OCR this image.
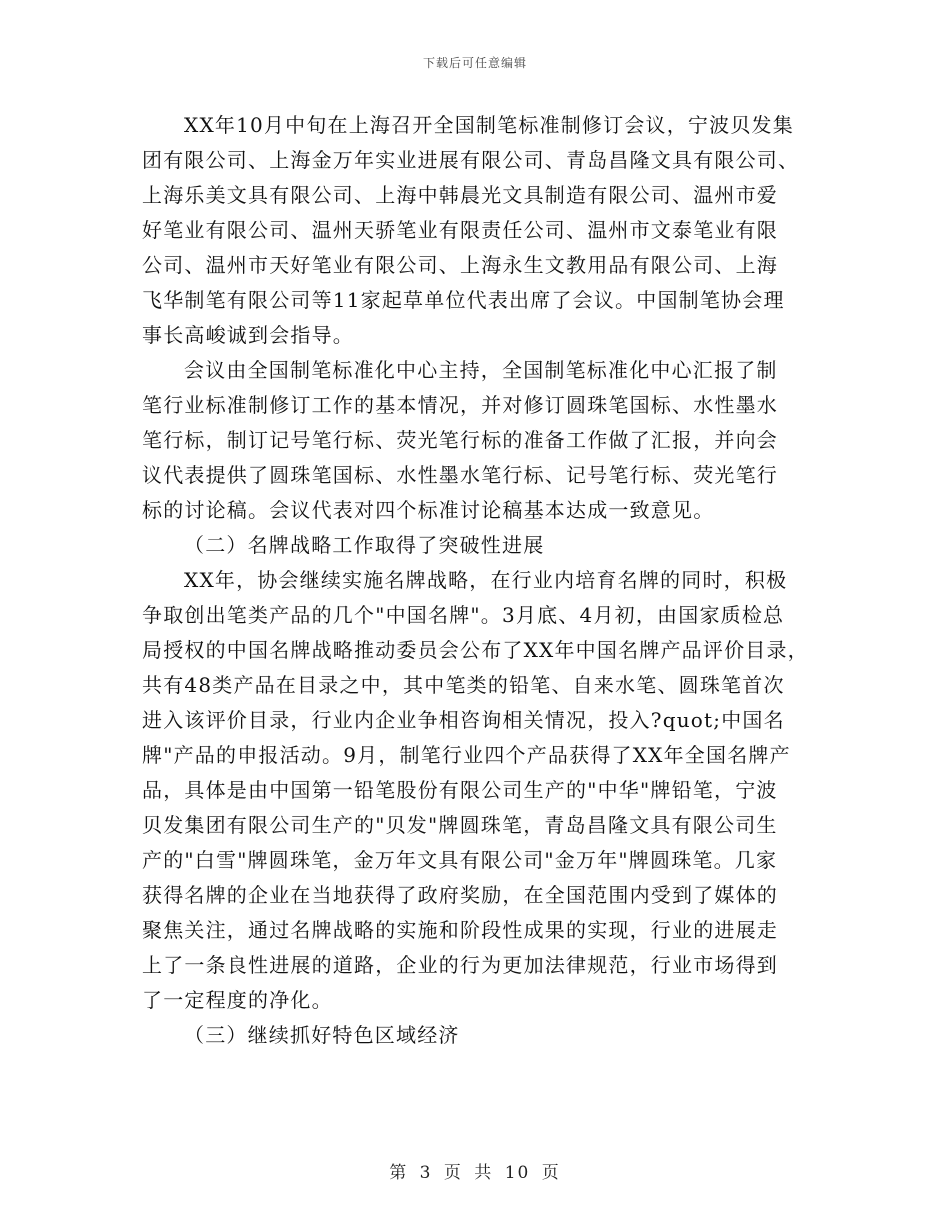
下载后可任意编辑
XX年10月中旬在上海召开全国制笔标准制修订会议，宁波贝发集
团有限公司、上海金万年实业进展有限公司、青岛昌隆文具有限公司、
上海乐美文具有限公司、上海中韩晨光文具制造有限公司、温州市爱
好笔业有限公司、温州天骄笔业有限责任公司、温州市文泰笔业有限
公司、温州市天好笔业有限公司、上海永生文教用品有限公司、上海
飞华制笔有限公司等11家起草单位代表出席了会议。中国制笔协会理
事长高峻诚到会指导。
会议由全国制笔标准化中心主持，全国制笔标准化中心汇报了制
笔行业标准制修订工作的基本情况，并对修订圆珠笔国标、水性墨水
笔行标，制订记号笔行标、荧光笔行标的准备工作做了汇报，并向会
议代表提供了圆珠笔国标、水性墨水笔行标、记号笔行标、荧光笔行
标的讨论稿。会议代表对四个标准讨论稿基本达成一致意见。
（二）名牌战略工作取得了突破性进展
XX年，协会继续实施名牌战略，在行业内培育名牌的同时，积极
争取创出笔类产品的几个"中国名牌"。3月底、4月初，由国家质检总
局授权的中国名牌战略推动委员会公布了XX年中国名牌产品评价目录，
共有48类产品在目录之中，其中笔类的铅笔、自来水笔、圆珠笔首次
进入该评价目录，行业内企业争相咨询相关情况，投入?quot;中国名
牌"产品的申报活动。9月，制笔行业四个产品获得了XX年全国名牌产
品，具体是由中国第一铅笔股份有限公司生产的"中华"牌铅笔，宁波
贝发集团有限公司生产的"贝发"牌圆珠笔，青岛昌隆文具有限公司生
产的"白雪"牌圆珠笔，金万年文具有限公司"金万年"牌圆珠笔。几家
获得名牌的企业在当地获得了政府奖励，在全国范围内受到了媒体的
聚焦关注，通过名牌战略的实施和阶段性成果的实现，行业的进展走
上了一条良性进展的道路，企业的行为更加法律规范，行业市场得到
了一定程度的净化。
（三）继续抓好特色区域经济
第 3 页 共 10 页
